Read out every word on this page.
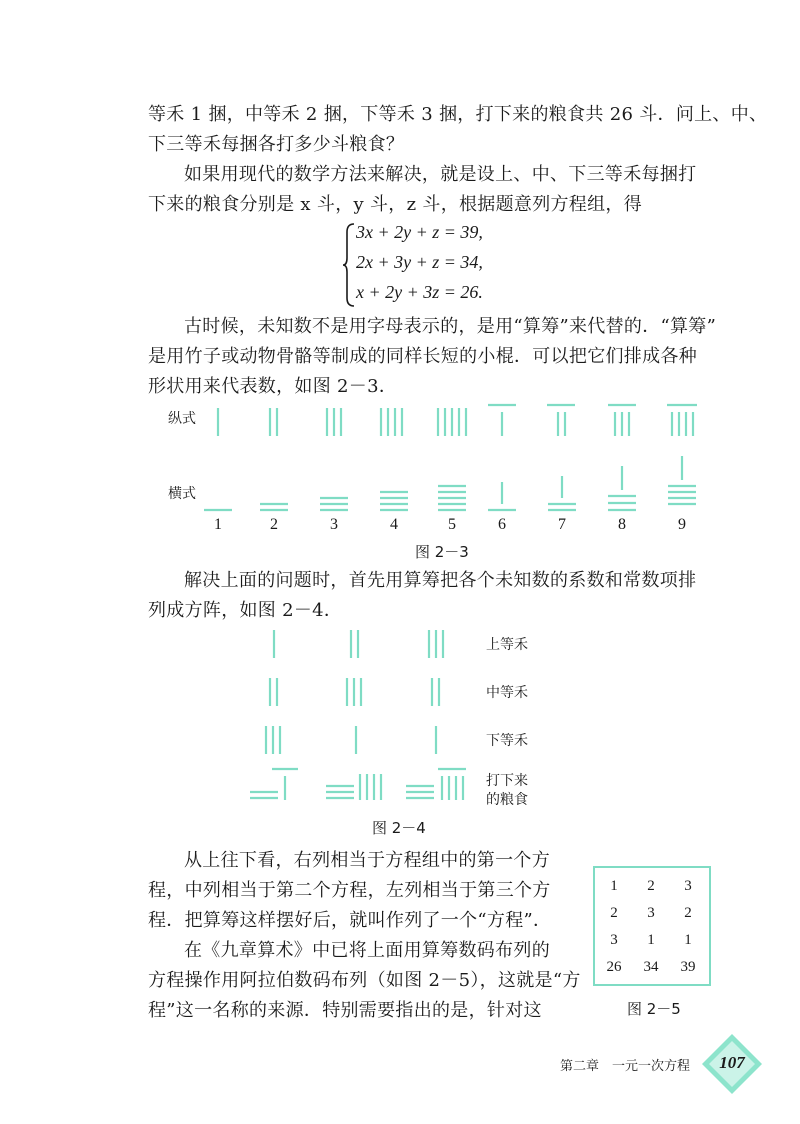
等禾 1 捆，中等禾 2 捆，下等禾 3 捆，打下来的粮食共 26 斗．问上、中、
下三等禾每捆各打多少斗粮食？

如果用现代的数学方法来解决，就是设上、中、下三等禾每捆打
下来的粮食分别是 x 斗，y 斗，z 斗，根据题意列方程组，得

3x + 2y + z = 39,
2x + 3y + z = 34,
x + 2y + 3z = 26.

古时候，未知数不是用字母表示的，是用“算筹”来代替的．“算筹”
是用竹子或动物骨骼等制成的同样长短的小棍．可以把它们排成各种
形状用来代表数，如图 2－3．

纵式
横式
1	2	3	4	5	6	7	8	9
图 2－3

解决上面的问题时，首先用算筹把各个未知数的系数和常数项排
列成方阵，如图 2－4．

上等禾
中等禾
下等禾
打下来
的粮食
图 2－4

从上往下看，右列相当于方程组中的第一个方
程，中列相当于第二个方程，左列相当于第三个方
程．把算筹这样摆好后，就叫作列了一个“方程”．

在《九章算术》中已将上面用算筹数码布列的
方程操作用阿拉伯数码布列（如图 2－5），这就是“方
程”这一名称的来源．特别需要指出的是，针对这

1	2	3
2	3	2
3	1	1
26	34	39
图 2－5
第二章　一元一次方程	107
